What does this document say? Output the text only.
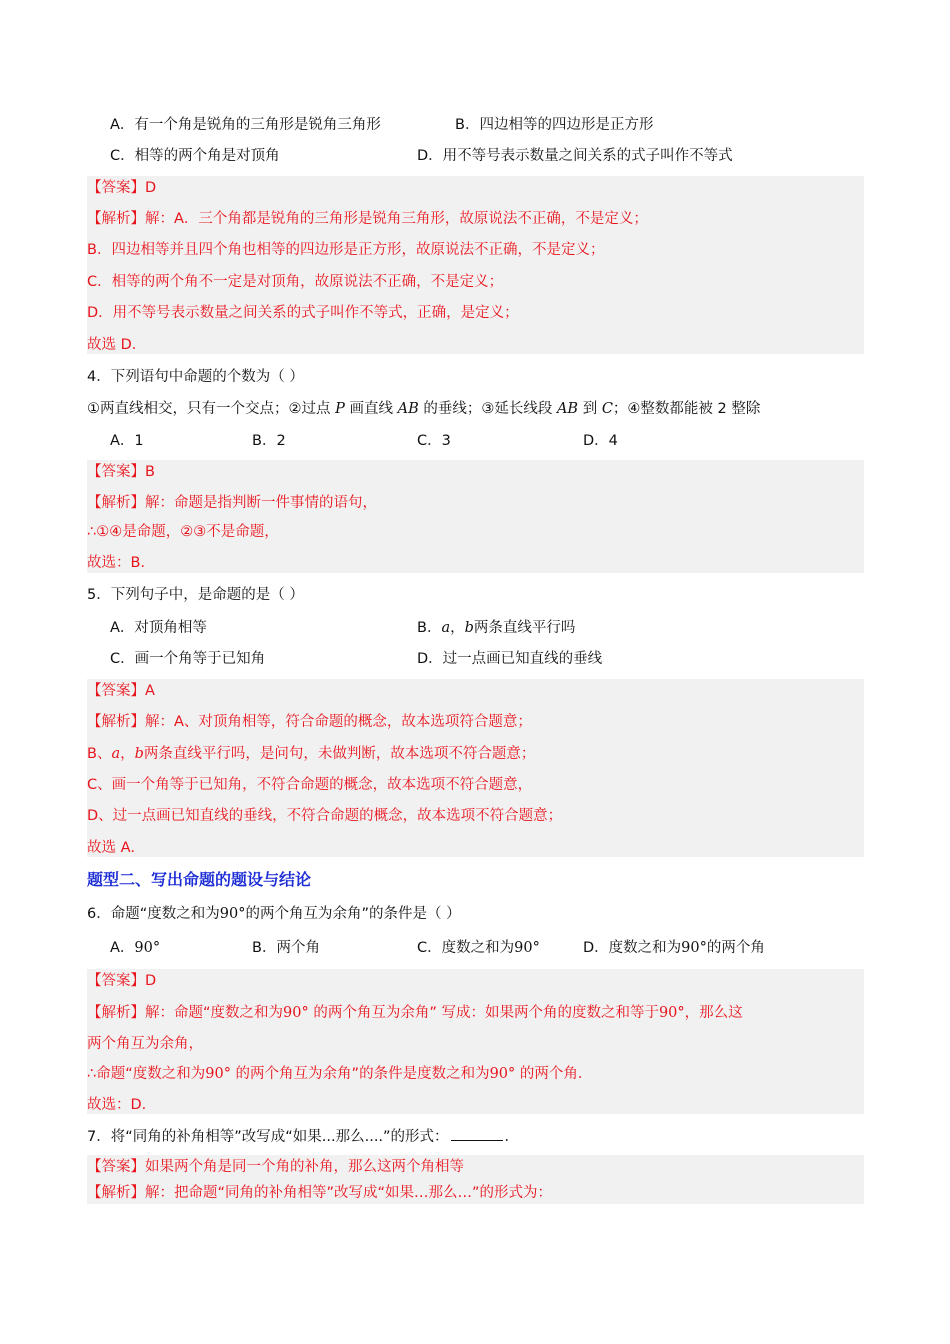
A．有一个角是锐角的三角形是锐角三角形	B．四边相等的四边形是正方形
C．相等的两个角是对顶角	D．用不等号表示数量之间关系的式子叫作不等式
【答案】D
【解析】解：A．三个角都是锐角的三角形是锐角三角形，故原说法不正确，不是定义；
B．四边相等并且四个角也相等的四边形是正方形，故原说法不正确，不是定义；
C．相等的两个角不一定是对顶角，故原说法不正确，不是定义；
D．用不等号表示数量之间关系的式子叫作不等式，正确，是定义；
故选 D．
4．下列语句中命题的个数为（ ）
①两直线相交，只有一个交点；②过点 P 画直线 AB 的垂线；③延长线段 AB 到 C；④整数都能被 2 整除
A．1	B．2	C．3	D．4
【答案】B
【解析】解：命题是指判断一件事情的语句，
∴①④是命题，②③不是命题，
故选：B．
5．下列句子中，是命题的是（ ）
A．对顶角相等	B．a，b两条直线平行吗
C．画一个角等于已知角	D．过一点画已知直线的垂线
【答案】A
【解析】解：A、对顶角相等，符合命题的概念，故本选项符合题意；
B、a，b两条直线平行吗，是问句，未做判断，故本选项不符合题意；
C、画一个角等于已知角，不符合命题的概念，故本选项不符合题意，
D、过一点画已知直线的垂线，不符合命题的概念，故本选项不符合题意；
故选 A．
题型二、写出命题的题设与结论
6．命题“度数之和为90°的两个角互为余角”的条件是（ ）
A．90°	B．两个角	C．度数之和为90°	D．度数之和为90°的两个角
【答案】D
【解析】解：命题“度数之和为90° 的两个角互为余角” 写成：如果两个角的度数之和等于90°，那么这
两个角互为余角，
∴命题“度数之和为90° 的两个角互为余角”的条件是度数之和为90° 的两个角．
故选：D．
7．将“同角的补角相等”改写成“如果...那么....”的形式：	．
【答案】如果两个角是同一个角的补角，那么这两个角相等
【解析】解：把命题“同角的补角相等”改写成“如果…那么…”的形式为：
